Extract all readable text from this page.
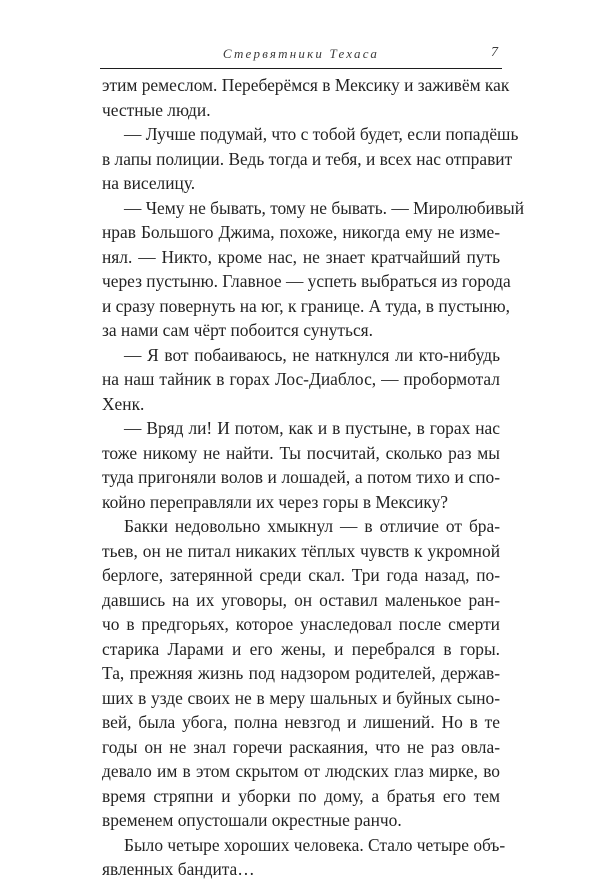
Стервятники Техаса	7
этим ремеслом. Переберёмся в Мексику и заживём как
честные люди.
— Лучше подумай, что с тобой будет, если попадёшь
в лапы полиции. Ведь тогда и тебя, и всех нас отправит
на виселицу.
— Чему не бывать, тому не бывать. — Миролюбивый
нрав Большого Джима, похоже, никогда ему не изме-
нял. — Никто, кроме нас, не знает кратчайший путь
через пустыню. Главное — успеть выбраться из города
и сразу повернуть на юг, к границе. А туда, в пустыню,
за нами сам чёрт побоится сунуться.
— Я вот побаиваюсь, не наткнулся ли кто-нибудь
на наш тайник в горах Лос-Диаблос, — пробормотал
Хенк.
— Вряд ли! И потом, как и в пустыне, в горах нас
тоже никому не найти. Ты посчитай, сколько раз мы
туда пригоняли волов и лошадей, а потом тихо и спо-
койно переправляли их через горы в Мексику?
Бакки недовольно хмыкнул — в отличие от бра-
тьев, он не питал никаких тёплых чувств к укромной
берлоге, затерянной среди скал. Три года назад, по-
давшись на их уговоры, он оставил маленькое ран-
чо в предгорьях, которое унаследовал после смерти
старика Ларами и его жены, и перебрался в горы.
Та, прежняя жизнь под надзором родителей, держав-
ших в узде своих не в меру шальных и буйных сыно-
вей, была убога, полна невзгод и лишений. Но в те
годы он не знал горечи раскаяния, что не раз овла-
девало им в этом скрытом от людских глаз мирке, во
время стряпни и уборки по дому, а братья его тем
временем опустошали окрестные ранчо.
Было четыре хороших человека. Стало четыре объ-
явленных бандита…
